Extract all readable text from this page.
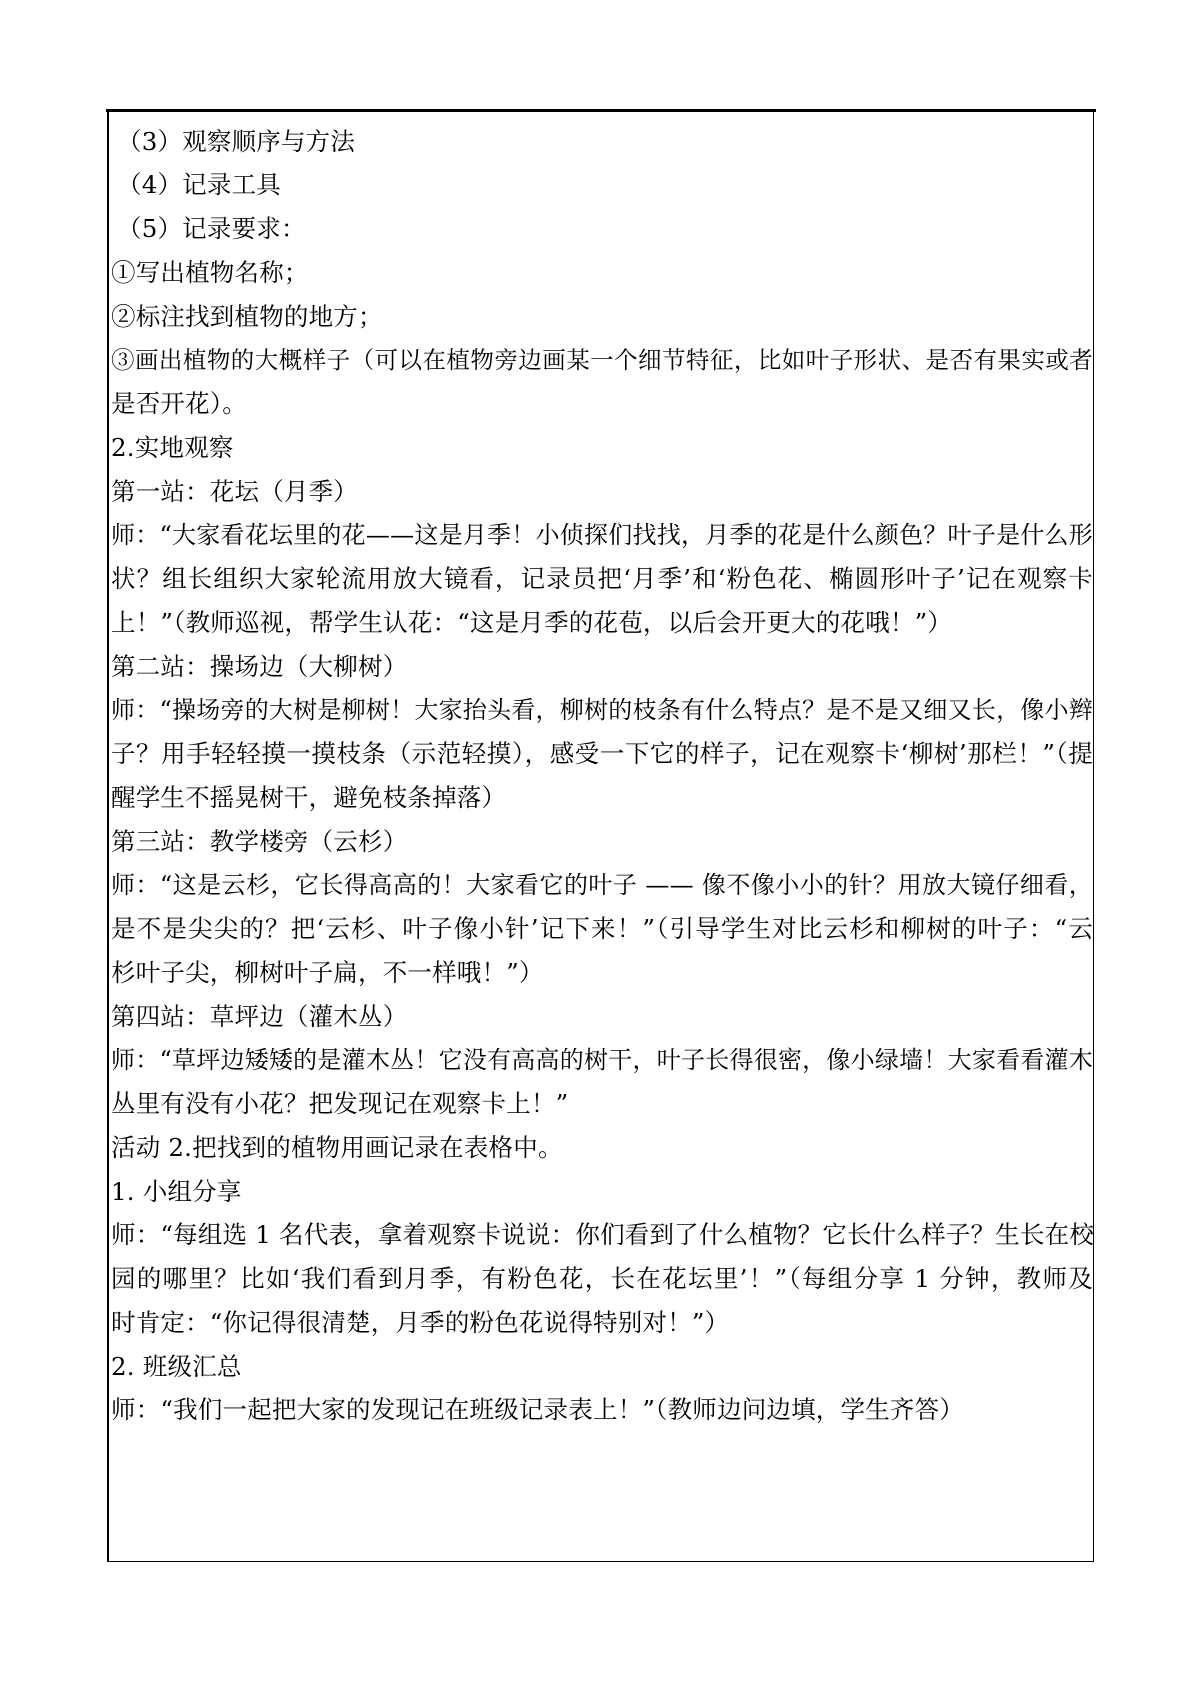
（3）观察顺序与方法
（4）记录工具
（5）记录要求：
①写出植物名称；
②标注找到植物的地方；
③画出植物的大概样子（可以在植物旁边画某一个细节特征，比如叶子形状、是否有果实或者
是否开花）。
2.实地观察
第一站：花坛（月季）
师：“大家看花坛里的花——这是月季！小侦探们找找，月季的花是什么颜色？叶子是什么形
状？组长组织大家轮流用放大镜看，记录员把‘月季’和‘粉色花、椭圆形叶子’记在观察卡
上！”（教师巡视，帮学生认花：“这是月季的花苞，以后会开更大的花哦！”）
第二站：操场边（大柳树）
师：“操场旁的大树是柳树！大家抬头看，柳树的枝条有什么特点？是不是又细又长，像小辫
子？用手轻轻摸一摸枝条（示范轻摸），感受一下它的样子，记在观察卡‘柳树’那栏！”（提
醒学生不摇晃树干，避免枝条掉落）
第三站：教学楼旁（云杉）
师：“这是云杉，它长得高高的！大家看它的叶子 —— 像不像小小的针？用放大镜仔细看，
是不是尖尖的？把‘云杉、叶子像小针’记下来！”（引导学生对比云杉和柳树的叶子：“云
杉叶子尖，柳树叶子扁，不一样哦！”）
第四站：草坪边（灌木丛）
师：“草坪边矮矮的是灌木丛！它没有高高的树干，叶子长得很密，像小绿墙！大家看看灌木
丛里有没有小花？把发现记在观察卡上！”
活动 2.把找到的植物用画记录在表格中。
1. 小组分享
师：“每组选 1 名代表，拿着观察卡说说：你们看到了什么植物？它长什么样子？生长在校
园的哪里？比如‘我们看到月季，有粉色花，长在花坛里’！”（每组分享 1 分钟，教师及
时肯定：“你记得很清楚，月季的粉色花说得特别对！”）
2. 班级汇总
师：“我们一起把大家的发现记在班级记录表上！”（教师边问边填，学生齐答）
